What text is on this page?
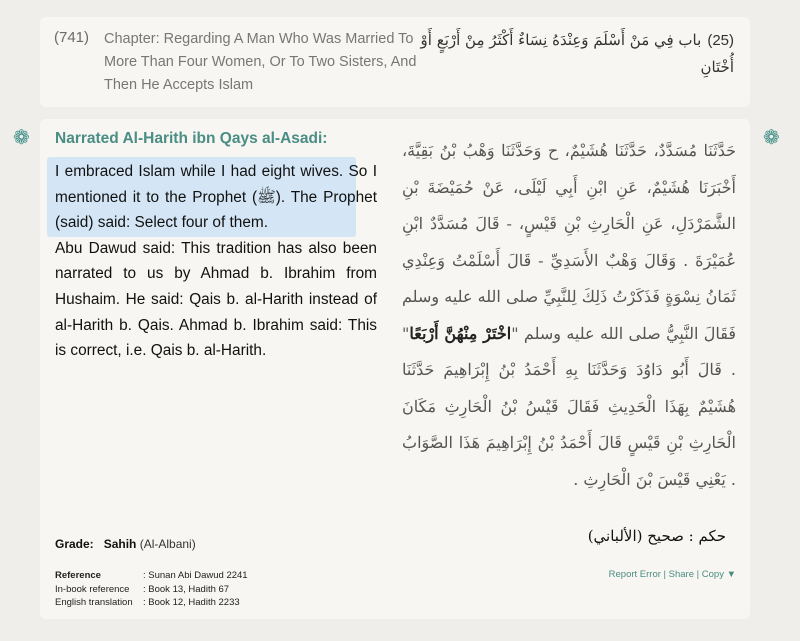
(741) Chapter: Regarding A Man Who Was Married To More Than Four Women, Or To Two Sisters, And Then He Accepts Islam
(25)باب فِي مَنْ أَسْلَمَ وَعِنْدَهُ نِسَاءٌ أَكْثَرُ مِنْ أَرْبَعٍ أَوْ أُخْتَانِ
❁	❁
Narrated Al-Harith ibn Qays al-Asadi:

I embraced Islam while I had eight wives. So I mentioned it to the Prophet (ﷺ). The Prophet (said) said: Select four of them.

Abu Dawud said: This tradition has also been narrated to us by Ahmad b. Ibrahim from Hushaim. He said: Qais b. al-Harith instead of al-Harith b. Qais. Ahmad b. Ibrahim said: This is correct, i.e. Qais b. al-Harith.

حَدَّثَنَا مُسَدَّدٌ، حَدَّثَنَا هُشَيْمٌ، ح وَحَدَّثَنَا وَهْبُ بْنُ بَقِيَّةَ، أَخْبَرَنَا هُشَيْمٌ، عَنِ ابْنِ أَبِي لَيْلَى، عَنْ حُمَيْضَةَ بْنِ الشَّمَرْدَلِ، عَنِ الْحَارِثِ بْنِ قَيْسٍ، - قَالَ مُسَدَّدٌ ابْنِ عُمَيْرَةَ . وَقَالَ وَهْبٌ الأَسَدِيِّ - قَالَ أَسْلَمْتُ وَعِنْدِي ثَمَانُ نِسْوَةٍ فَذَكَرْتُ ذَلِكَ لِلنَّبِيِّ صلى الله عليه وسلم فَقَالَ النَّبِيُّ صلى الله عليه وسلم "اخْتَرْ مِنْهُنَّ أَرْبَعًا" . قَالَ أَبُو دَاوُدَ وَحَدَّثَنَا بِهِ أَحْمَدُ بْنُ إِبْرَاهِيمَ حَدَّثَنَا هُشَيْمٌ بِهَذَا الْحَدِيثِ فَقَالَ قَيْسُ بْنُ الْحَارِثِ مَكَانَ الْحَارِثِ بْنِ قَيْسٍ قَالَ أَحْمَدُ بْنُ إِبْرَاهِيمَ هَذَا الصَّوَابُ . يَعْنِي قَيْسَ بْنَ الْحَارِثِ .
Grade: Sahih (Al-Albani)	حكم : صحيح (الألباني)
Reference	: Sunan Abi Dawud 2241
In-book reference	: Book 13, Hadith 67
English translation	: Book 12, Hadith 2233
Report Error | Share | Copy ▼
